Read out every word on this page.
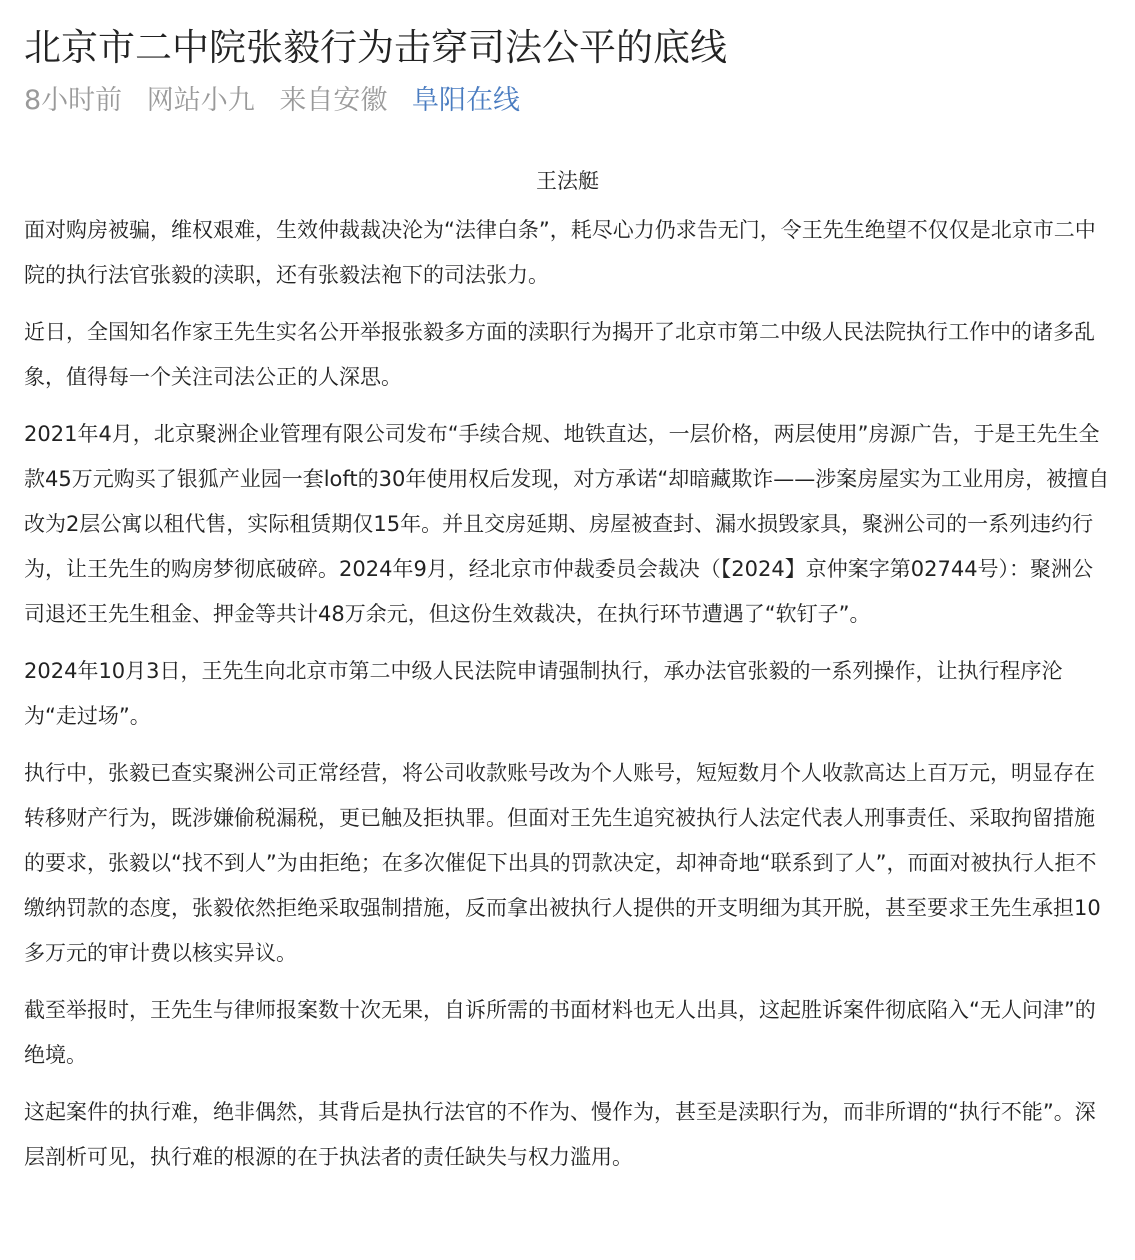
北京市二中院张毅行为击穿司法公平的底线
8小时前 网站小九 来自安徽 阜阳在线
王法艇

面对购房被骗，维权艰难，生效仲裁裁决沦为“法律白条”，耗尽心力仍求告无门，令王先生绝望不仅仅是北京市二中院的执行法官张毅的渎职，还有张毅法袍下的司法张力。

近日，全国知名作家王先生实名公开举报张毅多方面的渎职行为揭开了北京市第二中级人民法院执行工作中的诸多乱象，值得每一个关注司法公正的人深思。

2021年4月，北京聚洲企业管理有限公司发布“手续合规、地铁直达，一层价格，两层使用”房源广告，于是王先生全款45万元购买了银狐产业园一套loft的30年使用权后发现，对方承诺“却暗藏欺诈——涉案房屋实为工业用房，被擅自改为2层公寓以租代售，实际租赁期仅15年。并且交房延期、房屋被查封、漏水损毁家具，聚洲公司的一系列违约行为，让王先生的购房梦彻底破碎。2024年9月，经北京市仲裁委员会裁决（【2024】京仲案字第02744号）：聚洲公司退还王先生租金、押金等共计48万余元，但这份生效裁决，在执行环节遭遇了“软钉子”。

2024年10月3日，王先生向北京市第二中级人民法院申请强制执行，承办法官张毅的一系列操作，让执行程序沦为“走过场”。

执行中，张毅已查实聚洲公司正常经营，将公司收款账号改为个人账号，短短数月个人收款高达上百万元，明显存在转移财产行为，既涉嫌偷税漏税，更已触及拒执罪。但面对王先生追究被执行人法定代表人刑事责任、采取拘留措施的要求，张毅以“找不到人”为由拒绝；在多次催促下出具的罚款决定，却神奇地“联系到了人”，而面对被执行人拒不缴纳罚款的态度，张毅依然拒绝采取强制措施，反而拿出被执行人提供的开支明细为其开脱，甚至要求王先生承担10多万元的审计费以核实异议。

截至举报时，王先生与律师报案数十次无果，自诉所需的书面材料也无人出具，这起胜诉案件彻底陷入“无人问津”的绝境。

这起案件的执行难，绝非偶然，其背后是执行法官的不作为、慢作为，甚至是渎职行为，而非所谓的“执行不能”。深层剖析可见，执行难的根源的在于执法者的责任缺失与权力滥用。
